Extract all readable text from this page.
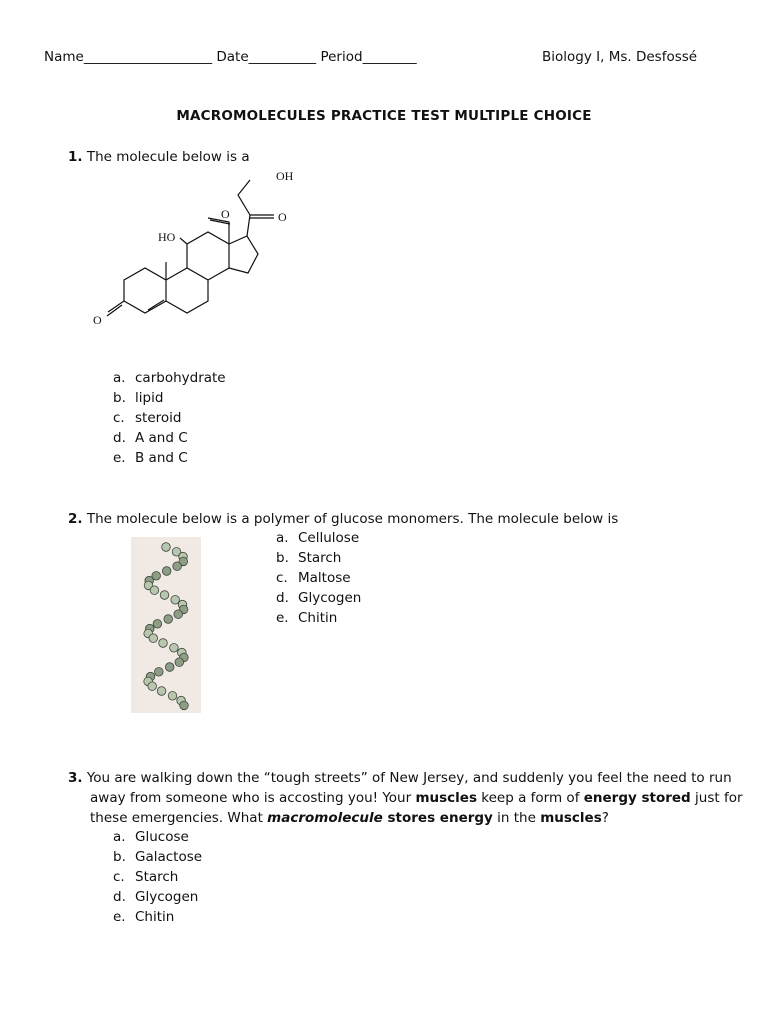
Name___________________ Date__________ Period________	Biology I, Ms. Desfossé
MACROMOLECULES PRACTICE TEST MULTIPLE CHOICE
1. The molecule below is a
OH
O
O
HO
O
a. carbohydrate
b. lipid
c. steroid
d. A and C
e. B and C
2. The molecule below is a polymer of glucose monomers. The molecule below is
a. Cellulose
b. Starch
c. Maltose
d. Glycogen
e. Chitin
3. You are walking down the “tough streets” of New Jersey, and suddenly you feel the need to run
away from someone who is accosting you! Your muscles keep a form of energy stored just for
these emergencies. What macromolecule stores energy in the muscles?
a. Glucose
b. Galactose
c. Starch
d. Glycogen
e. Chitin
